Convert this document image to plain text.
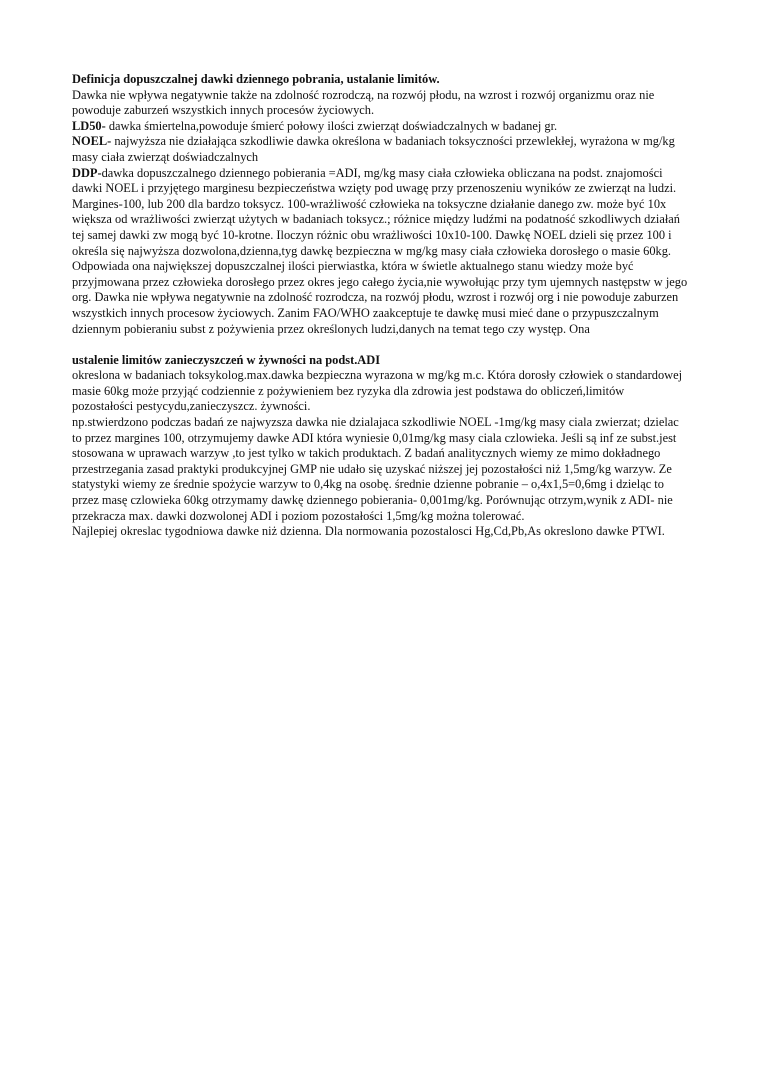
Definicja dopuszczalnej dawki dziennego pobrania, ustalanie limitów.

Dawka nie wpływa negatywnie także na zdolność rozrodczą, na rozwój płodu, na wzrost i rozwój organizmu oraz nie powoduje zaburzeń wszystkich innych procesów życiowych.

LD50- dawka śmiertelna,powoduje śmierć połowy ilości zwierząt doświadczalnych w badanej gr.

NOEL- najwyższa nie działająca szkodliwie dawka określona w badaniach toksyczności przewlekłej, wyrażona w mg/kg masy ciała zwierząt doświadczalnych

DDP-dawka dopuszczalnego dziennego pobierania =ADI, mg/kg masy ciała człowieka obliczana na podst. znajomości dawki NOEL i przyjętego marginesu bezpieczeństwa wzięty pod uwagę przy przenoszeniu wyników ze zwierząt na ludzi. Margines-100, lub 200 dla bardzo toksycz. 100-wrażliwość człowieka na toksyczne działanie danego zw. może być 10x większa od wrażliwości zwierząt użytych w badaniach toksycz.; różnice między ludźmi na podatność szkodliwych działań tej samej dawki zw mogą być 10-krotne. Iloczyn różnic obu wrażliwości 10x10-100. Dawkę NOEL dzieli się przez 100 i określa się najwyższa dozwolona,dzienna,tyg dawkę bezpieczna w mg/kg masy ciała człowieka dorosłego o masie 60kg. Odpowiada ona największej dopuszczalnej ilości pierwiastka, która w świetle aktualnego stanu wiedzy może być przyjmowana przez człowieka dorosłego przez okres jego całego życia,nie wywołując przy tym ujemnych następstw w jego org. Dawka nie wpływa negatywnie na zdolność rozrodcza, na rozwój płodu, wzrost i rozwój org i nie powoduje zaburzen wszystkich innych procesow życiowych. Zanim FAO/WHO zaakceptuje te dawkę musi mieć dane o przypuszczalnym dziennym pobieraniu subst z pożywienia przez określonych ludzi,danych na temat tego czy występ. Ona

ustalenie limitów zanieczyszczeń w żywności na podst.ADI

okreslona w badaniach toksykolog.max.dawka bezpieczna wyrazona w mg/kg m.c. Która dorosły człowiek o standardowej masie 60kg może przyjąć codziennie z pożywieniem bez ryzyka dla zdrowia jest podstawa do obliczeń,limitów pozostałości pestycydu,zanieczyszcz. żywności.

np.stwierdzono podczas badań ze najwyzsza dawka nie dzialajaca szkodliwie NOEL -1mg/kg masy ciala zwierzat; dzielac to przez margines 100, otrzymujemy dawke ADI która wyniesie 0,01mg/kg masy ciala czlowieka. Jeśli są inf ze subst.jest stosowana w uprawach warzyw ,to jest tylko w takich produktach. Z badań analitycznych wiemy ze mimo dokładnego przestrzegania zasad praktyki produkcyjnej GMP nie udało się uzyskać niższej jej pozostałości niż 1,5mg/kg warzyw. Ze statystyki wiemy ze średnie spożycie warzyw to 0,4kg na osobę. średnie dzienne pobranie – o,4x1,5=0,6mg i dzieląc to przez masę czlowieka 60kg otrzymamy dawkę dziennego pobierania- 0,001mg/kg. Porównując otrzym,wynik z ADI- nie przekracza max. dawki dozwolonej ADI i poziom pozostałości 1,5mg/kg można tolerować.

Najlepiej okreslac tygodniowa dawke niż dzienna. Dla normowania pozostalosci Hg,Cd,Pb,As okreslono dawke PTWI.
